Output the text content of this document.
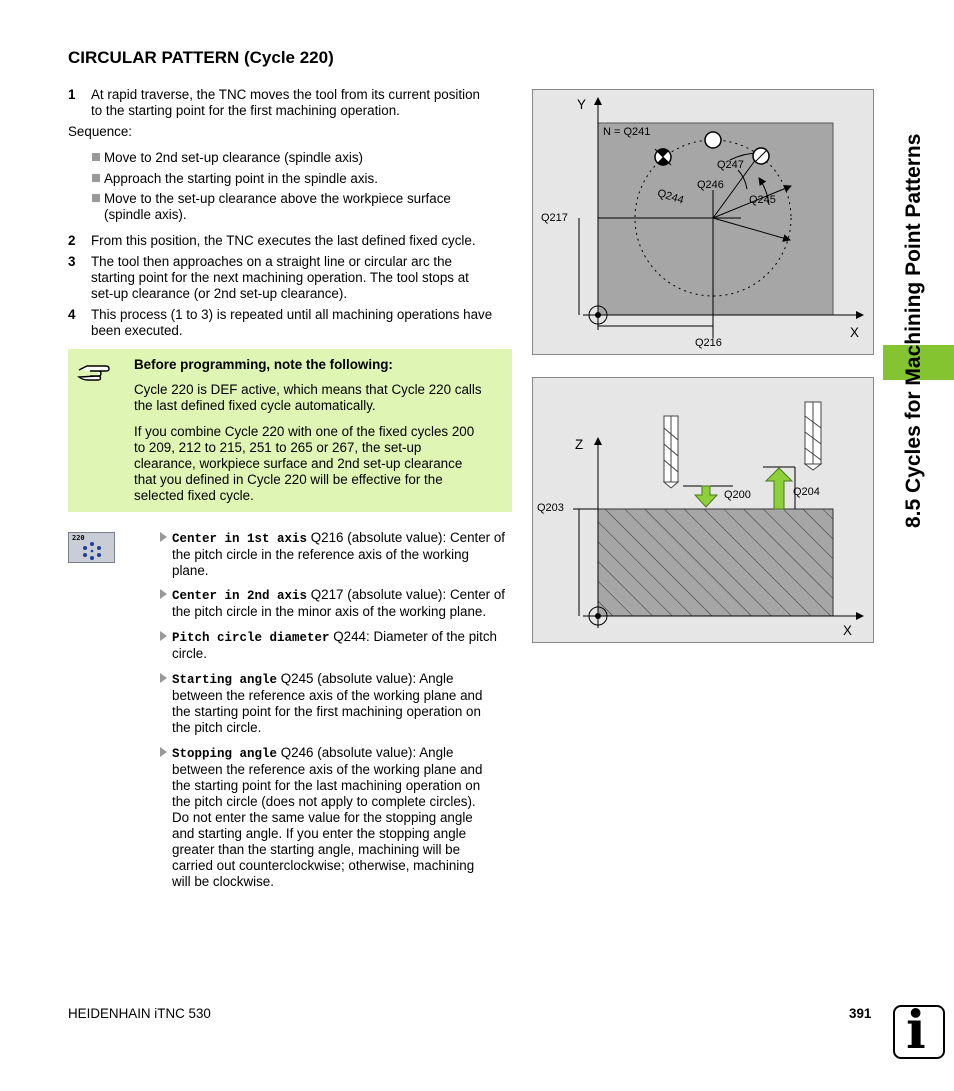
CIRCULAR PATTERN (Cycle 220)
1 At rapid traverse, the TNC moves the tool from its current position
to the starting point for the first machining operation.
Sequence:
Move to 2nd set-up clearance (spindle axis)
Approach the starting point in the spindle axis.
Move to the set-up clearance above the workpiece surface
(spindle axis).
2 From this position, the TNC executes the last defined fixed cycle.
3 The tool then approaches on a straight line or circular arc the
starting point for the next machining operation. The tool stops at
set-up clearance (or 2nd set-up clearance).
4 This process (1 to 3) is repeated until all machining operations have
been executed.
Before programming, note the following:
Cycle 220 is DEF active, which means that Cycle 220 calls
the last defined fixed cycle automatically.
If you combine Cycle 220 with one of the fixed cycles 200
to 209, 212 to 215, 251 to 265 or 267, the set-up
clearance, workpiece surface and 2nd set-up clearance
that you defined in Cycle 220 will be effective for the
selected fixed cycle.
220	Center in 1st axis Q216 (absolute value): Center of
the pitch circle in the reference axis of the working
plane.
Center in 2nd axis Q217 (absolute value): Center of
the pitch circle in the minor axis of the working plane.
Pitch circle diameter Q244: Diameter of the pitch
circle.
Starting angle Q245 (absolute value): Angle
between the reference axis of the working plane and
the starting point for the first machining operation on
the pitch circle.
Stopping angle Q246 (absolute value): Angle
between the reference axis of the working plane and
the starting point for the last machining operation on
the pitch circle (does not apply to complete circles).
Do not enter the same value for the stopping angle
and starting angle. If you enter the stopping angle
greater than the starting angle, machining will be
carried out counterclockwise; otherwise, machining
will be clockwise.
Y
X
N = Q241
Q247
Q246
Q245
Q244
Q217
Q216
Z
X
Q203
Q200	Q204	8.5 Cycles for Machining Point Patterns
HEIDENHAIN iTNC 530	391 i
